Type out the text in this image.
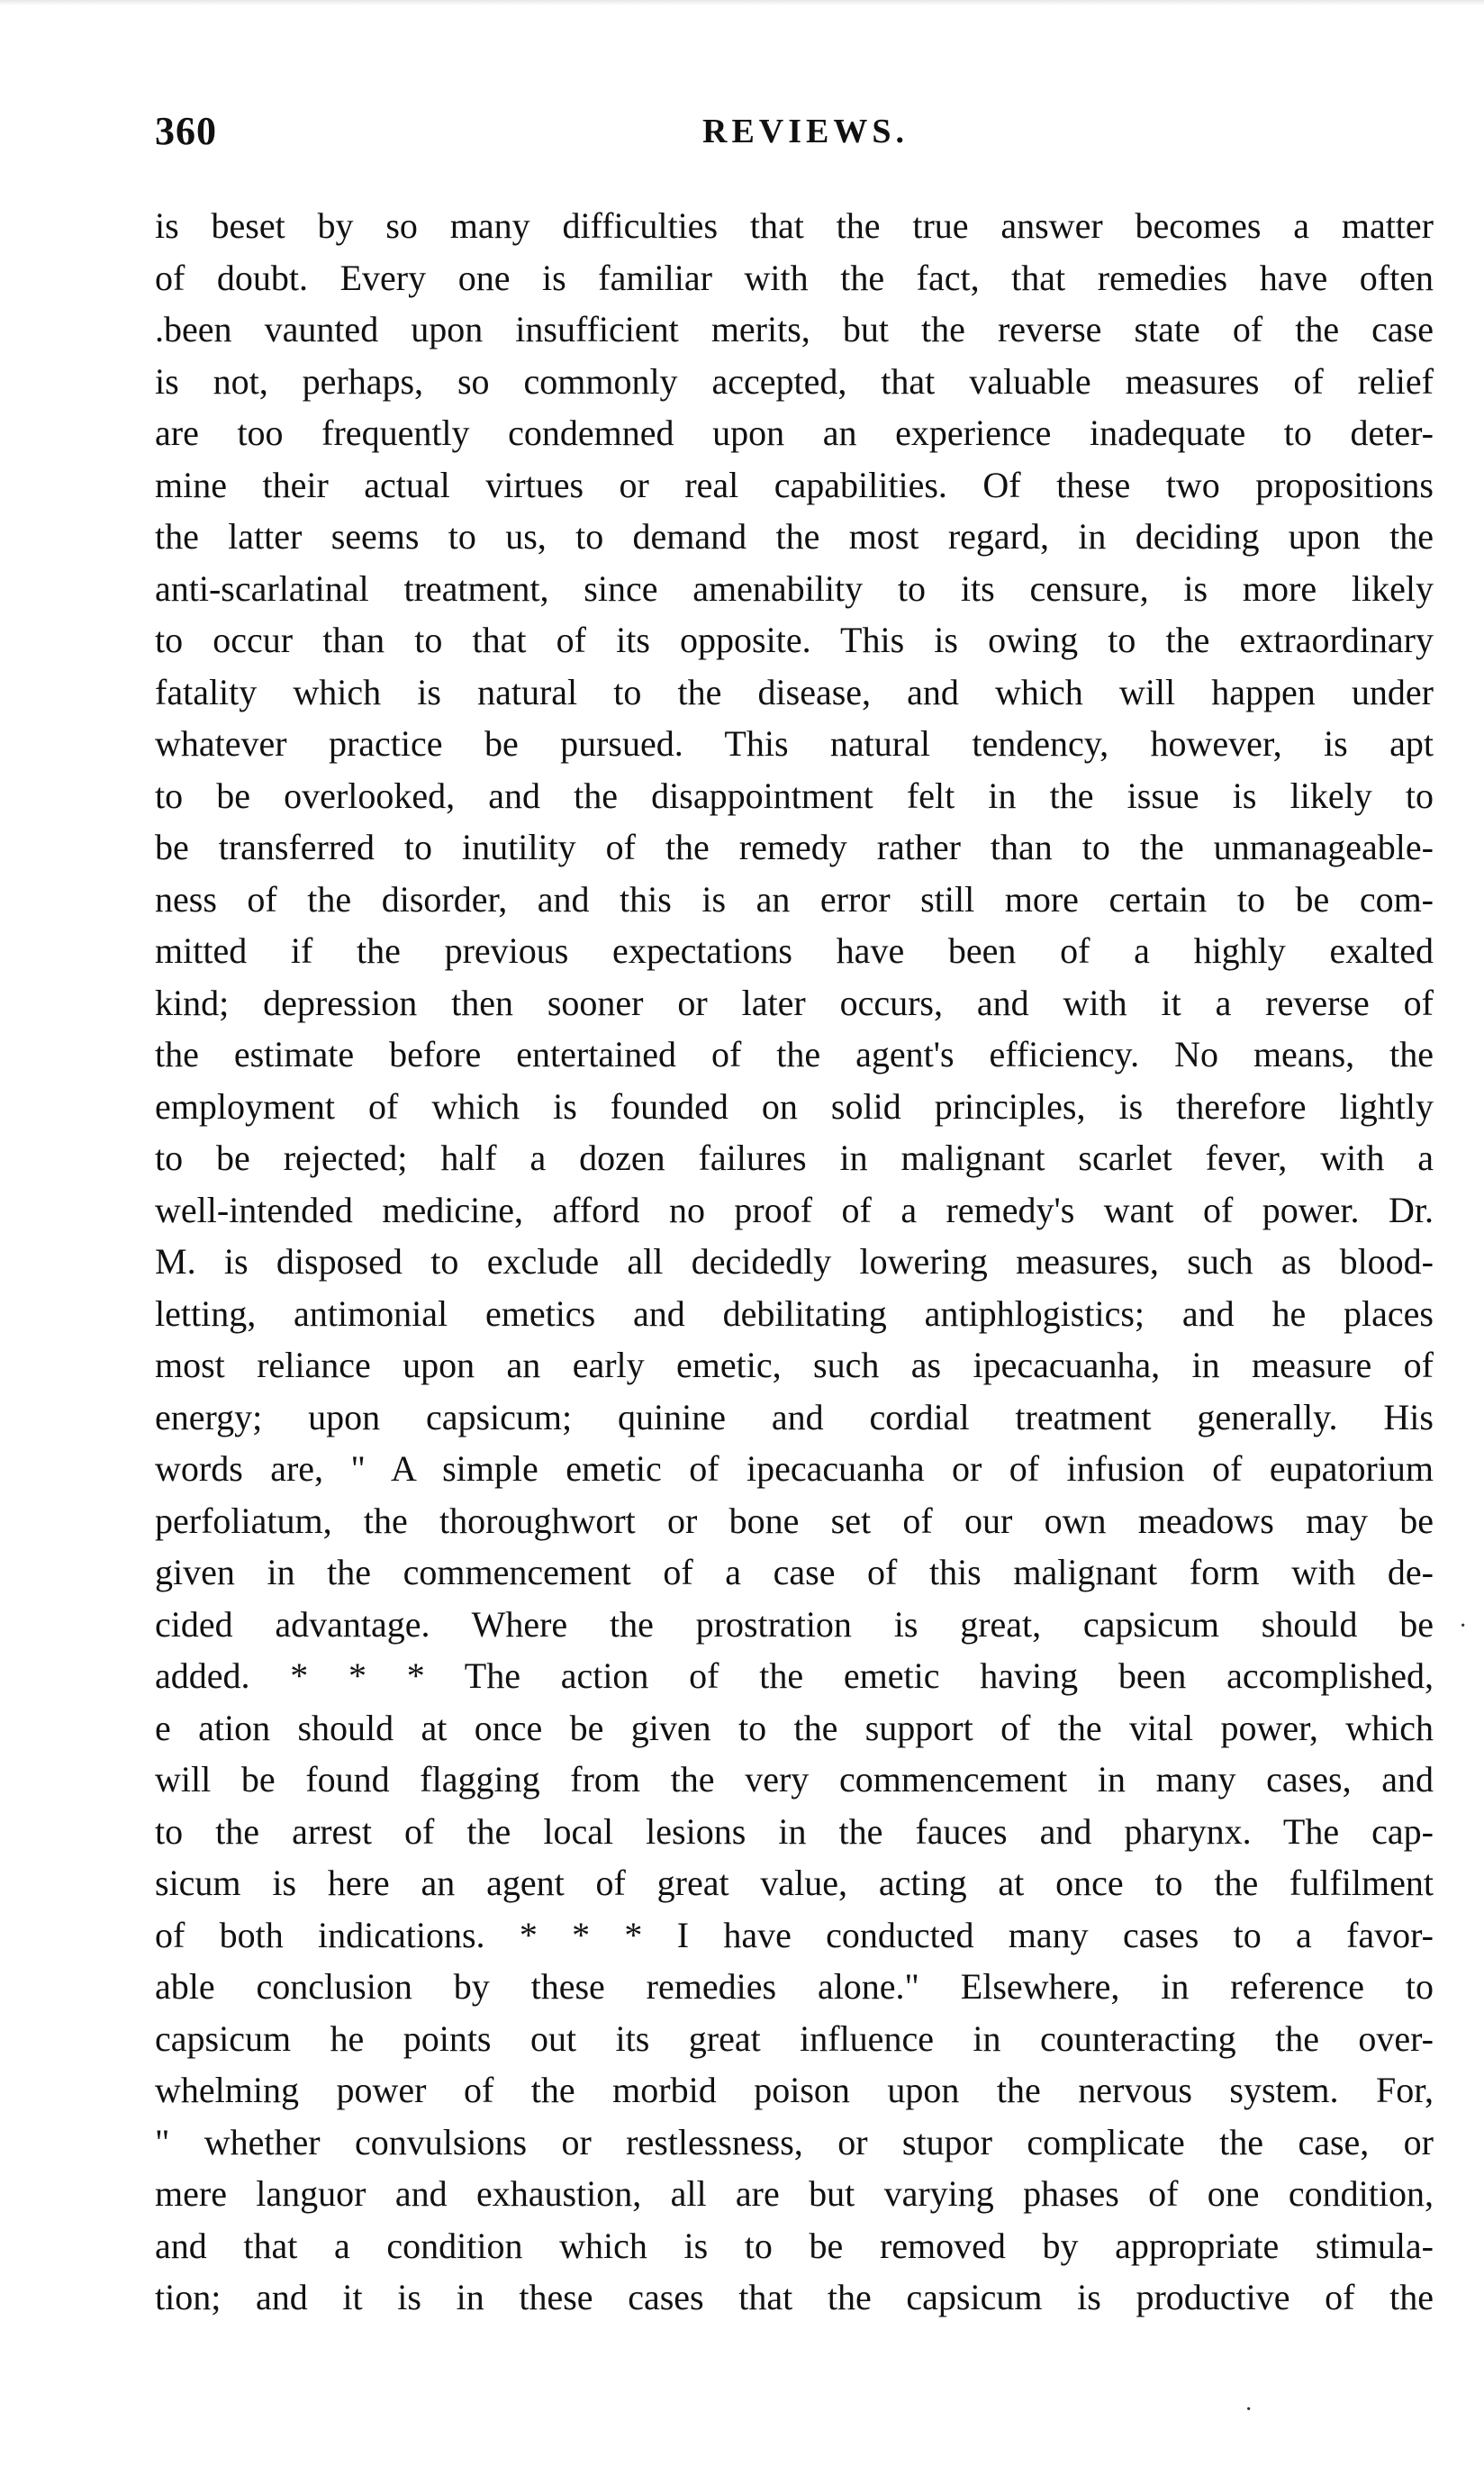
360	REVIEWS.
is beset by so many difficulties that the true answer becomes a matter
of doubt. Every one is familiar with the fact, that remedies have often
.been vaunted upon insufficient merits, but the reverse state of the case
is not, perhaps, so commonly accepted, that valuable measures of relief
are too frequently condemned upon an experience inadequate to deter-
mine their actual virtues or real capabilities. Of these two propositions
the latter seems to us, to demand the most regard, in deciding upon the
anti-scarlatinal treatment, since amenability to its censure, is more likely
to occur than to that of its opposite. This is owing to the extraordinary
fatality which is natural to the disease, and which will happen under
whatever practice be pursued. This natural tendency, however, is apt
to be overlooked, and the disappointment felt in the issue is likely to
be transferred to inutility of the remedy rather than to the unmanageable-
ness of the disorder, and this is an error still more certain to be com-
mitted if the previous expectations have been of a highly exalted
kind; depression then sooner or later occurs, and with it a reverse of
the estimate before entertained of the agent's efficiency. No means, the
employment of which is founded on solid principles, is therefore lightly
to be rejected; half a dozen failures in malignant scarlet fever, with a
well-intended medicine, afford no proof of a remedy's want of power. Dr.
M. is disposed to exclude all decidedly lowering measures, such as blood-
letting, antimonial emetics and debilitating antiphlogistics; and he places
most reliance upon an early emetic, such as ipecacuanha, in measure of
energy; upon capsicum; quinine and cordial treatment generally. His
words are, " A simple emetic of ipecacuanha or of infusion of eupatorium
perfoliatum, the thoroughwort or bone set of our own meadows may be
given in the commencement of a case of this malignant form with de-
cided advantage. Where the prostration is great, capsicum should be
added. * * * The action of the emetic having been accomplished,
e ation should at once be given to the support of the vital power, which
will be found flagging from the very commencement in many cases, and
to the arrest of the local lesions in the fauces and pharynx. The cap-
sicum is here an agent of great value, acting at once to the fulfilment
of both indications. * * * I have conducted many cases to a favor-
able conclusion by these remedies alone." Elsewhere, in reference to
capsicum he points out its great influence in counteracting the over-
whelming power of the morbid poison upon the nervous system. For,
" whether convulsions or restlessness, or stupor complicate the case, or
mere languor and exhaustion, all are but varying phases of one condition,
and that a condition which is to be removed by appropriate stimula-
tion; and it is in these cases that the capsicum is productive of the
·
·
